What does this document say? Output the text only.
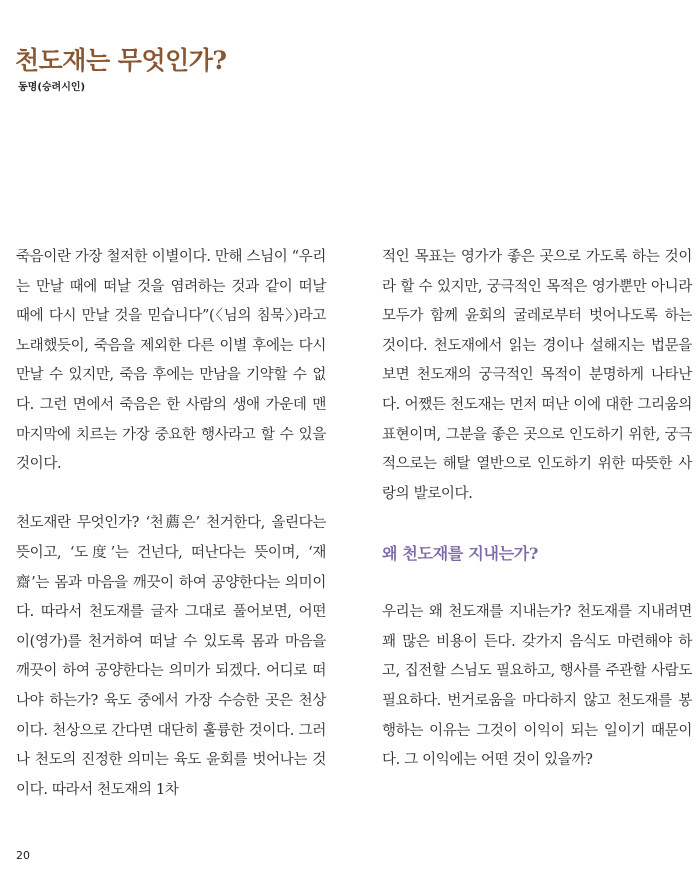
천도재는 무엇인가?
동명(승려시인)

죽음이란 가장 철저한 이별이다. 만해 스님이 “우리는 만날 때에 떠날 것을 염려하는 것과 같이 떠날 때에 다시 만날 것을 믿습니다”(〈님의 침묵〉)라고 노래했듯이, 죽음을 제외한 다른 이별 후에는 다시 만날 수 있지만, 죽음 후에는 만남을 기약할 수 없다. 그런 면에서 죽음은 한 사람의 생애 가운데 맨 마지막에 치르는 가장 중요한 행사라고 할 수 있을 것이다.

천도재란 무엇인가? ‘천薦은’ 천거한다, 올린다는 뜻이고, ‘도度’는 건넌다, 떠난다는 뜻이며, ‘재齋’는 몸과 마음을 깨끗이 하여 공양한다는 의미이다. 따라서 천도재를 글자 그대로 풀어보면, 어떤 이(영가)를 천거하여 떠날 수 있도록 몸과 마음을 깨끗이 하여 공양한다는 의미가 되겠다. 어디로 떠나야 하는가? 육도 중에서 가장 수승한 곳은 천상이다. 천상으로 간다면 대단히 훌륭한 것이다. 그러나 천도의 진정한 의미는 육도 윤회를 벗어나는 것이다. 따라서 천도재의 1차

적인 목표는 영가가 좋은 곳으로 가도록 하는 것이라 할 수 있지만, 궁극적인 목적은 영가뿐만 아니라 모두가 함께 윤회의 굴레로부터 벗어나도록 하는 것이다. 천도재에서 읽는 경이나 설해지는 법문을 보면 천도재의 궁극적인 목적이 분명하게 나타난다. 어쨌든 천도재는 먼저 떠난 이에 대한 그리움의 표현이며, 그분을 좋은 곳으로 인도하기 위한, 궁극적으로는 해탈 열반으로 인도하기 위한 따뜻한 사랑의 발로이다.

왜 천도재를 지내는가?

우리는 왜 천도재를 지내는가? 천도재를 지내려면 꽤 많은 비용이 든다. 갖가지 음식도 마련해야 하고, 집전할 스님도 필요하고, 행사를 주관할 사람도 필요하다. 번거로움을 마다하지 않고 천도재를 봉행하는 이유는 그것이 이익이 되는 일이기 때문이다. 그 이익에는 어떤 것이 있을까?

20
